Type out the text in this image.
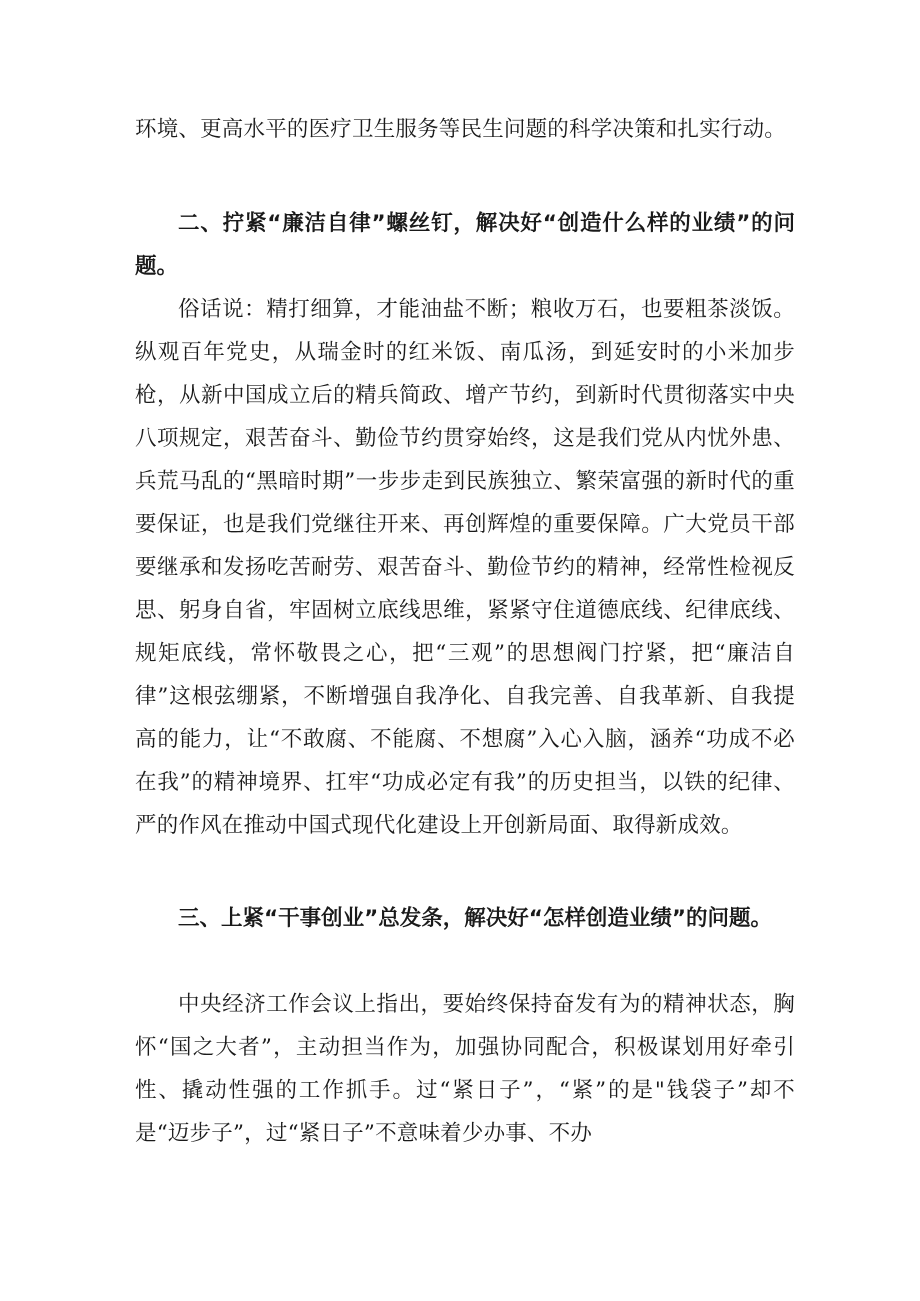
环境、更高水平的医疗卫生服务等民生问题的科学决策和扎实行动。

二、拧紧“廉洁自律”螺丝钉，解决好“创造什么样的业绩”的问题。

俗话说：精打细算，才能油盐不断；粮收万石，也要粗茶淡饭。纵观百年党史，从瑞金时的红米饭、南瓜汤，到延安时的小米加步枪，从新中国成立后的精兵简政、增产节约，到新时代贯彻落实中央八项规定，艰苦奋斗、勤俭节约贯穿始终，这是我们党从内忧外患、兵荒马乱的“黑暗时期”一步步走到民族独立、繁荣富强的新时代的重要保证，也是我们党继往开来、再创辉煌的重要保障。广大党员干部要继承和发扬吃苦耐劳、艰苦奋斗、勤俭节约的精神，经常性检视反思、躬身自省，牢固树立底线思维，紧紧守住道德底线、纪律底线、规矩底线，常怀敬畏之心，把“三观”的思想阀门拧紧，把“廉洁自律”这根弦绷紧，不断增强自我净化、自我完善、自我革新、自我提高的能力，让“不敢腐、不能腐、不想腐”入心入脑，涵养“功成不必在我”的精神境界、扛牢“功成必定有我”的历史担当，以铁的纪律、严的作风在推动中国式现代化建设上开创新局面、取得新成效。

三、上紧“干事创业”总发条，解决好“怎样创造业绩”的问题。

中央经济工作会议上指出，要始终保持奋发有为的精神状态，胸怀“国之大者”，主动担当作为，加强协同配合，积极谋划用好牵引性、撬动性强的工作抓手。过“紧日子”，“紧”的是"钱袋子”却不是“迈步子”，过“紧日子”不意味着少办事、不办
